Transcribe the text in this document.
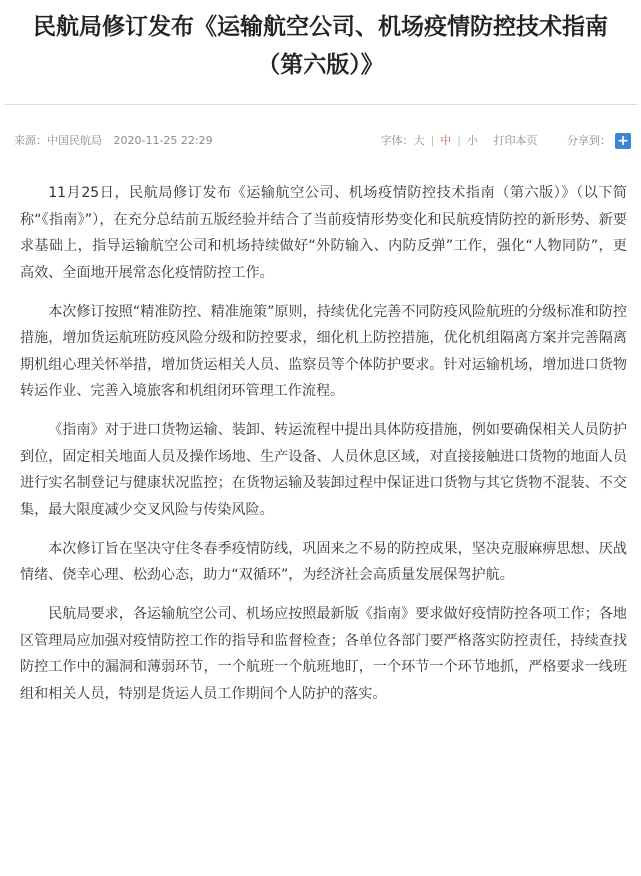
民航局修订发布《运输航空公司、机场疫情防控技术指南
（第六版）》
来源：中国民航局 2020-11-25 22:29	字体：大 | 中 | 小 打印本页	分享到： +

11月25日，民航局修订发布《运输航空公司、机场疫情防控技术指南（第六版）》（以下简称“《指南》”），在充分总结前五版经验并结合了当前疫情形势变化和民航疫情防控的新形势、新要求基础上，指导运输航空公司和机场持续做好“外防输入、内防反弹”工作，强化“人物同防”，更高效、全面地开展常态化疫情防控工作。

本次修订按照“精准防控、精准施策”原则，持续优化完善不同防疫风险航班的分级标准和防控措施，增加货运航班防疫风险分级和防控要求，细化机上防控措施，优化机组隔离方案并完善隔离期机组心理关怀举措，增加货运相关人员、监察员等个体防护要求。针对运输机场，增加进口货物转运作业、完善入境旅客和机组闭环管理工作流程。

《指南》对于进口货物运输、装卸、转运流程中提出具体防疫措施，例如要确保相关人员防护到位，固定相关地面人员及操作场地、生产设备、人员休息区域，对直接接触进口货物的地面人员进行实名制登记与健康状况监控；在货物运输及装卸过程中保证进口货物与其它货物不混装、不交集，最大限度减少交叉风险与传染风险。

本次修订旨在坚决守住冬春季疫情防线，巩固来之不易的防控成果，坚决克服麻痹思想、厌战情绪、侥幸心理、松劲心态，助力“双循环”，为经济社会高质量发展保驾护航。

民航局要求，各运输航空公司、机场应按照最新版《指南》要求做好疫情防控各项工作；各地区管理局应加强对疫情防控工作的指导和监督检查；各单位各部门要严格落实防控责任，持续查找防控工作中的漏洞和薄弱环节，一个航班一个航班地盯，一个环节一个环节地抓，严格要求一线班组和相关人员，特别是货运人员工作期间个人防护的落实。
